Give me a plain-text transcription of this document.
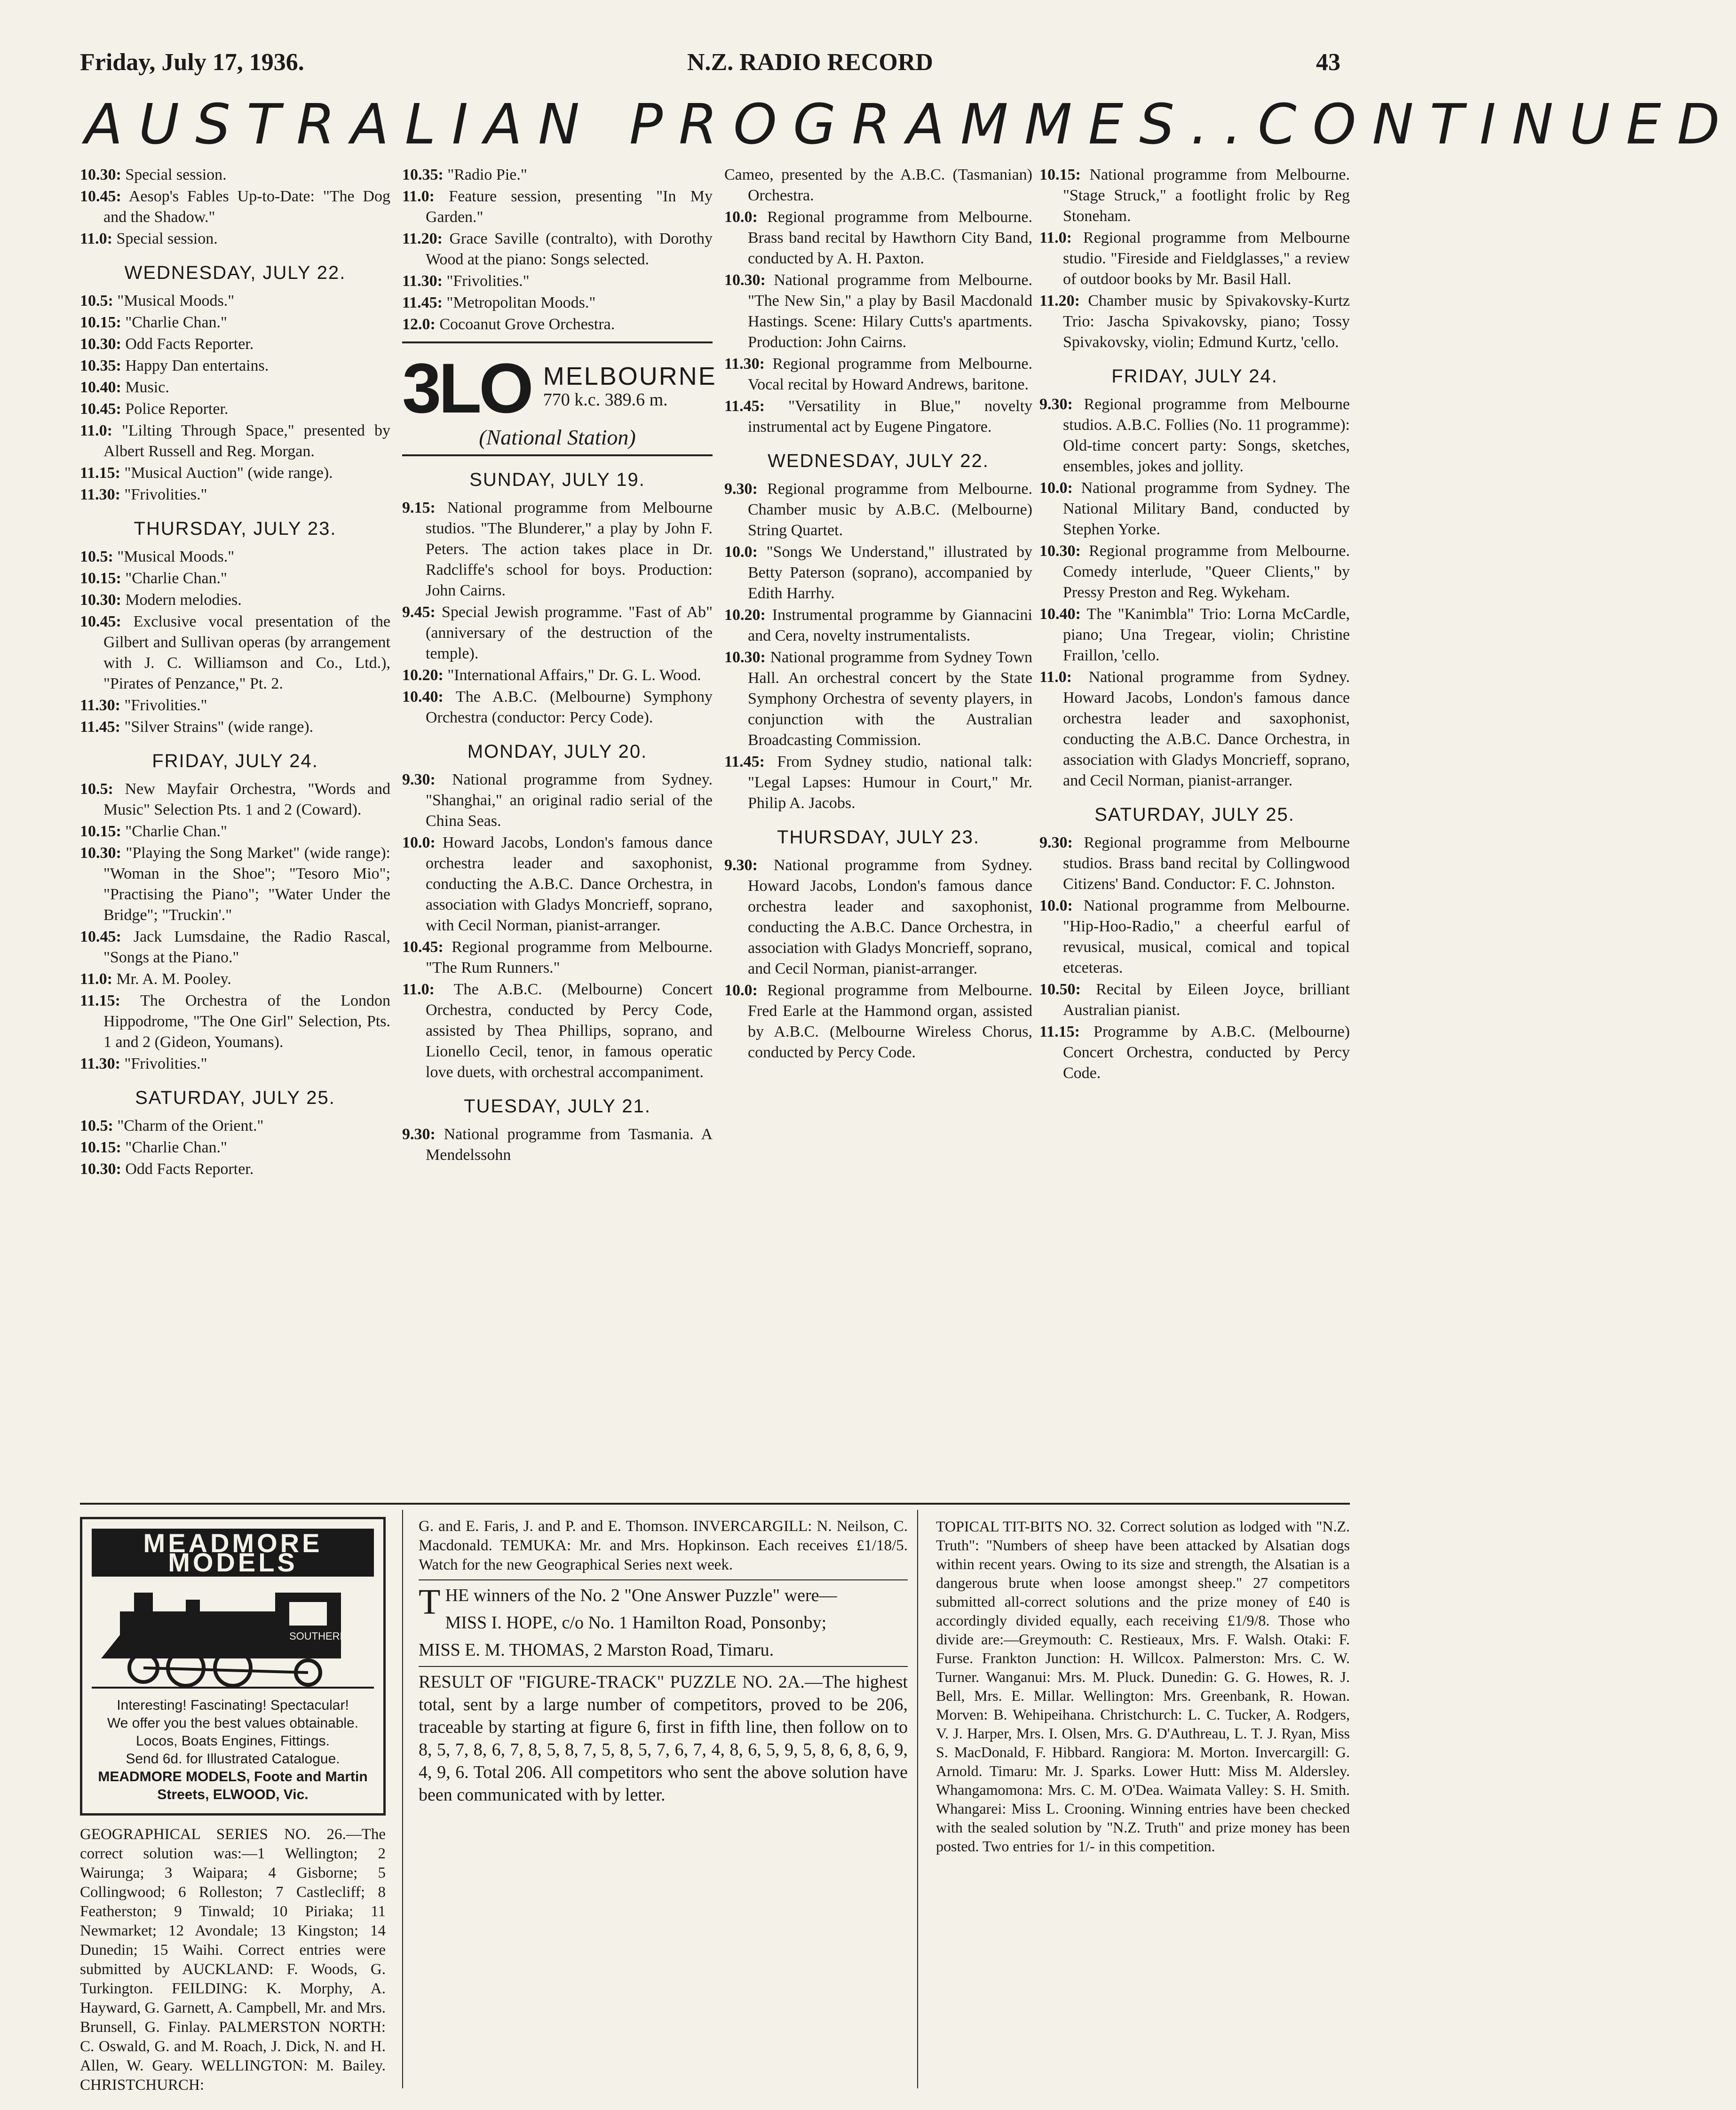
Friday, July 17, 1936.	N.Z. RADIO RECORD	43
AUSTRALIAN PROGRAMMES..CONTINUED

10.30: Special session.

10.45: Aesop's Fables Up-to-Date: "The Dog and the Shadow."

11.0: Special session.

WEDNESDAY, JULY 22.

10.5: "Musical Moods."

10.15: "Charlie Chan."

10.30: Odd Facts Reporter.

10.35: Happy Dan entertains.

10.40: Music.

10.45: Police Reporter.

11.0: "Lilting Through Space," presented by Albert Russell and Reg. Morgan.

11.15: "Musical Auction" (wide range).

11.30: "Frivolities."

THURSDAY, JULY 23.

10.5: "Musical Moods."

10.15: "Charlie Chan."

10.30: Modern melodies.

10.45: Exclusive vocal presentation of the Gilbert and Sullivan operas (by arrangement with J. C. Williamson and Co., Ltd.), "Pirates of Penzance," Pt. 2.

11.30: "Frivolities."

11.45: "Silver Strains" (wide range).

FRIDAY, JULY 24.

10.5: New Mayfair Orchestra, "Words and Music" Selection Pts. 1 and 2 (Coward).

10.15: "Charlie Chan."

10.30: "Playing the Song Market" (wide range): "Woman in the Shoe"; "Tesoro Mio"; "Practising the Piano"; "Water Under the Bridge"; "Truckin'."

10.45: Jack Lumsdaine, the Radio Rascal, "Songs at the Piano."

11.0: Mr. A. M. Pooley.

11.15: The Orchestra of the London Hippodrome, "The One Girl" Selection, Pts. 1 and 2 (Gideon, Youmans).

11.30: "Frivolities."

SATURDAY, JULY 25.

10.5: "Charm of the Orient."

10.15: "Charlie Chan."

10.30: Odd Facts Reporter.

10.35: "Radio Pie."

11.0: Feature session, presenting "In My Garden."

11.20: Grace Saville (contralto), with Dorothy Wood at the piano: Songs selected.

11.30: "Frivolities."

11.45: "Metropolitan Moods."

12.0: Cocoanut Grove Orchestra.

3LO MELBOURNE
770 k.c. 389.6 m.
(National Station)
SUNDAY, JULY 19.

9.15: National programme from Melbourne studios. "The Blunderer," a play by John F. Peters. The action takes place in Dr. Radcliffe's school for boys. Production: John Cairns.

9.45: Special Jewish programme. "Fast of Ab" (anniversary of the destruction of the temple).

10.20: "International Affairs," Dr. G. L. Wood.

10.40: The A.B.C. (Melbourne) Symphony Orchestra (conductor: Percy Code).

MONDAY, JULY 20.

9.30: National programme from Sydney. "Shanghai," an original radio serial of the China Seas.

10.0: Howard Jacobs, London's famous dance orchestra leader and saxophonist, conducting the A.B.C. Dance Orchestra, in association with Gladys Moncrieff, soprano, with Cecil Norman, pianist-arranger.

10.45: Regional programme from Melbourne. "The Rum Runners."

11.0: The A.B.C. (Melbourne) Concert Orchestra, conducted by Percy Code, assisted by Thea Phillips, soprano, and Lionello Cecil, tenor, in famous operatic love duets, with orchestral accompaniment.

TUESDAY, JULY 21.

9.30: National programme from Tasmania. A Mendelssohn

Cameo, presented by the A.B.C. (Tasmanian) Orchestra.

10.0: Regional programme from Melbourne. Brass band recital by Hawthorn City Band, conducted by A. H. Paxton.

10.30: National programme from Melbourne. "The New Sin," a play by Basil Macdonald Hastings. Scene: Hilary Cutts's apartments. Production: John Cairns.

11.30: Regional programme from Melbourne. Vocal recital by Howard Andrews, baritone.

11.45: "Versatility in Blue," novelty instrumental act by Eugene Pingatore.

WEDNESDAY, JULY 22.

9.30: Regional programme from Melbourne. Chamber music by A.B.C. (Melbourne) String Quartet.

10.0: "Songs We Understand," illustrated by Betty Paterson (soprano), accompanied by Edith Harrhy.

10.20: Instrumental programme by Giannacini and Cera, novelty instrumentalists.

10.30: National programme from Sydney Town Hall. An orchestral concert by the State Symphony Orchestra of seventy players, in conjunction with the Australian Broadcasting Commission.

11.45: From Sydney studio, national talk: "Legal Lapses: Humour in Court," Mr. Philip A. Jacobs.

THURSDAY, JULY 23.

9.30: National programme from Sydney. Howard Jacobs, London's famous dance orchestra leader and saxophonist, conducting the A.B.C. Dance Orchestra, in association with Gladys Moncrieff, soprano, and Cecil Norman, pianist-arranger.

10.0: Regional programme from Melbourne. Fred Earle at the Hammond organ, assisted by A.B.C. (Melbourne Wireless Chorus, conducted by Percy Code.

10.15: National programme from Melbourne. "Stage Struck," a footlight frolic by Reg Stoneham.

11.0: Regional programme from Melbourne studio. "Fireside and Fieldglasses," a review of outdoor books by Mr. Basil Hall.

11.20: Chamber music by Spivakovsky-Kurtz Trio: Jascha Spivakovsky, piano; Tossy Spivakovsky, violin; Edmund Kurtz, 'cello.

FRIDAY, JULY 24.

9.30: Regional programme from Melbourne studios. A.B.C. Follies (No. 11 programme): Old-time concert party: Songs, sketches, ensembles, jokes and jollity.

10.0: National programme from Sydney. The National Military Band, conducted by Stephen Yorke.

10.30: Regional programme from Melbourne. Comedy interlude, "Queer Clients," by Pressy Preston and Reg. Wykeham.

10.40: The "Kanimbla" Trio: Lorna McCardle, piano; Una Tregear, violin; Christine Fraillon, 'cello.

11.0: National programme from Sydney. Howard Jacobs, London's famous dance orchestra leader and saxophonist, conducting the A.B.C. Dance Orchestra, in association with Gladys Moncrieff, soprano, and Cecil Norman, pianist-arranger.

SATURDAY, JULY 25.

9.30: Regional programme from Melbourne studios. Brass band recital by Collingwood Citizens' Band. Conductor: F. C. Johnston.

10.0: National programme from Melbourne. "Hip-Hoo-Radio," a cheerful earful of revusical, musical, comical and topical etceteras.

10.50: Recital by Eileen Joyce, brilliant Australian pianist.

11.15: Programme by A.B.C. (Melbourne) Concert Orchestra, conducted by Percy Code.

MEADMORE MODELS
SOUTHERN 864
Interesting! Fascinating! Spectacular!
We offer you the best values obtainable. Locos, Boats Engines, Fittings.
Send 6d. for Illustrated Catalogue.
MEADMORE MODELS, Foote and Martin Streets, ELWOOD, Vic.

GEOGRAPHICAL SERIES NO. 26.—The correct solution was:—1 Wellington; 2 Wairunga; 3 Waipara; 4 Gisborne; 5 Collingwood; 6 Rolleston; 7 Castlecliff; 8 Featherston; 9 Tinwald; 10 Piriaka; 11 Newmarket; 12 Avondale; 13 Kingston; 14 Dunedin; 15 Waihi. Correct entries were submitted by AUCKLAND: F. Woods, G. Turkington. FEILDING: K. Morphy, A. Hayward, G. Garnett, A. Campbell, Mr. and Mrs. Brunsell, G. Finlay. PALMERSTON NORTH: C. Oswald, G. and M. Roach, J. Dick, N. and H. Allen, W. Geary. WELLINGTON: M. Bailey. CHRISTCHURCH:

G. and E. Faris, J. and P. and E. Thomson. INVERCARGILL: N. Neilson, C. Macdonald. TEMUKA: Mr. and Mrs. Hopkinson. Each receives £1/18/5. Watch for the new Geographical Series next week.

THE winners of the No. 2 "One Answer Puzzle" were—

MISS I. HOPE, c/o No. 1 Hamilton Road, Ponsonby;

MISS E. M. THOMAS, 2 Marston Road, Timaru.

RESULT OF "FIGURE-TRACK" PUZZLE NO. 2A.—The highest total, sent by a large number of competitors, proved to be 206, traceable by starting at figure 6, first in fifth line, then follow on to 8, 5, 7, 8, 6, 7, 8, 5, 8, 7, 5, 8, 5, 7, 6, 7, 4, 8, 6, 5, 9, 5, 8, 6, 8, 6, 9, 4, 9, 6. Total 206. All competitors who sent the above solution have been communicated with by letter.

TOPICAL TIT-BITS NO. 32. Correct solution as lodged with "N.Z. Truth": "Numbers of sheep have been attacked by Alsatian dogs within recent years. Owing to its size and strength, the Alsatian is a dangerous brute when loose amongst sheep." 27 competitors submitted all-correct solutions and the prize money of £40 is accordingly divided equally, each receiving £1/9/8. Those who divide are:—Greymouth: C. Restieaux, Mrs. F. Walsh. Otaki: F. Furse. Frankton Junction: H. Willcox. Palmerston: Mrs. C. W. Turner. Wanganui: Mrs. M. Pluck. Dunedin: G. G. Howes, R. J. Bell, Mrs. E. Millar. Wellington: Mrs. Greenbank, R. Howan. Morven: B. Wehipeihana. Christchurch: L. C. Tucker, A. Rodgers, V. J. Harper, Mrs. I. Olsen, Mrs. G. D'Authreau, L. T. J. Ryan, Miss S. MacDonald, F. Hibbard. Rangiora: M. Morton. Invercargill: G. Arnold. Timaru: Mr. J. Sparks. Lower Hutt: Miss M. Aldersley. Whangamomona: Mrs. C. M. O'Dea. Waimata Valley: S. H. Smith. Whangarei: Miss L. Crooning. Winning entries have been checked with the sealed solution by "N.Z. Truth" and prize money has been posted. Two entries for 1/- in this competition.
